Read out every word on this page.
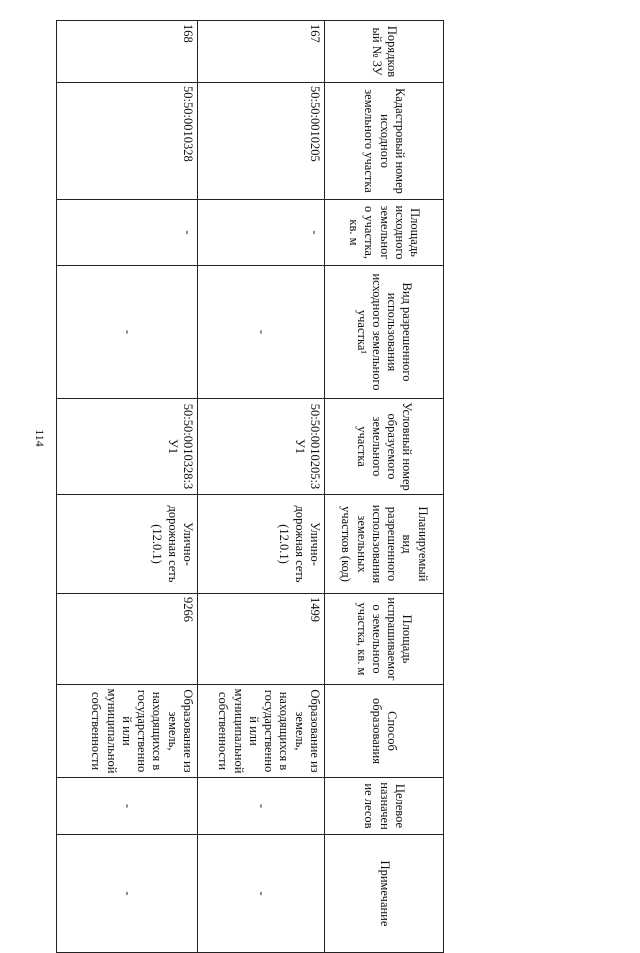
114
Порядковый № ЗУ	Кадастровый номер исходного земельного участка	Площадь исходного земельного участка, кв. м	Вид разрешенного использования исходного земельного участка¹	Условный номер образуемого земельного участка	Планируемый вид разрешенного использования земельных участков (код)	Площадь испрашиваемого земельного участка, кв. м	Способ образования	Целевое назначение лесов	Примечание
167	50:50:0010205	-	-	50:50:0010205:ЗУ1	Улично-дорожная сеть (12.0.1)	1499	Образование из земель, находящихся в государственной или муниципальной собственности	-	-
168	50:50:0010328	-	-	50:50:0010328:ЗУ1	Улично-дорожная сеть (12.0.1)	9266	Образование из земель, находящихся в государственной или муниципальной собственности	-	-
